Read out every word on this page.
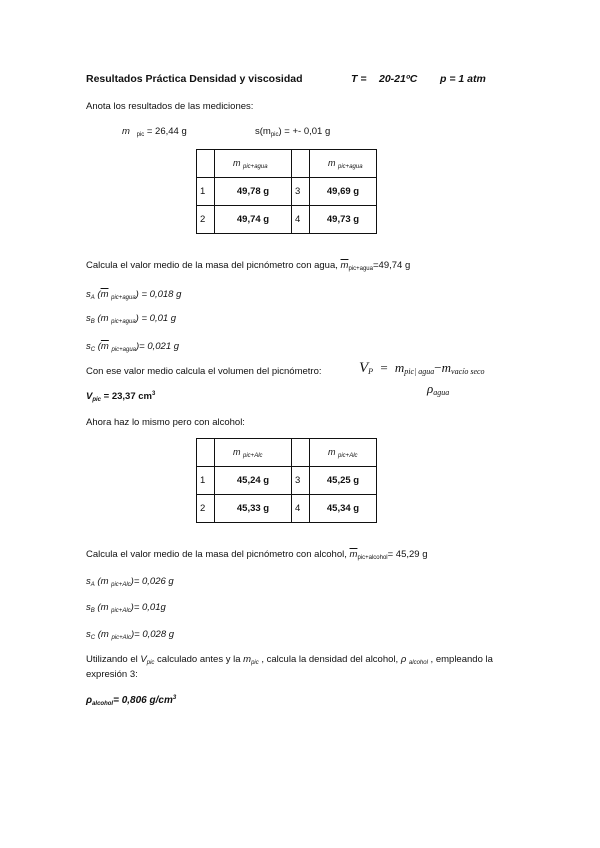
Resultados Práctica Densidad y viscosidad	T = 20-21ºC p = 1 atm
Anota los resultados de las mediciones:
m $_{pic}$ = 26,44 g	$s(m_{pic})$ = +- 0,01 g
	m $_{pic+agua}$		m $_{pic+agua}$
1	49,78 g	3	49,69 g
2	49,74 g	4	49,73 g
Calcula el valor medio de la masa del picnómetro con agua, $\overline{m}_{pic+agua}=49,74$ g
$s_A$ ($\overline{m}$ $_{pic+agua}$) = 0,018 g
$s_B$ (m $_{pic+agua}$) = 0,01 g
$s_C$ ($\overline{m}$ $_{pic+agua}$)= 0,021 g
Con ese valor medio calcula el volumen del picnómetro: $V_P = m_{pic| agua}-m_{vacío seco}$
$\rho_{agua}$
$V_{pic} = 23,37$ $cm^3$
Ahora haz lo mismo pero con alcohol:
	m $_{pic+Alc}$		m $_{pic+Alc}$
1	45,24 g	3	45,25 g
2	45,33 g	4	45,34 g
Calcula el valor medio de la masa del picnómetro con alcohol, $\overline{m}_{pic+alcohol}= 45,29$ g
$s_A$ (m $_{pic+Alc}$)= 0,026 g
$s_B$ (m $_{pic+Alc}$)= 0,01g
$s_C$ (m $_{pic+Alc}$)= 0,028 g
Utilizando el $V_{pic}$ calculado antes y la $m_{pic}$ , calcula la densidad del alcohol, ρ $_{alcohol}$ , empleando la
expresión 3:
$\rho_{alcohol}= 0,806$ $g/cm^3$
